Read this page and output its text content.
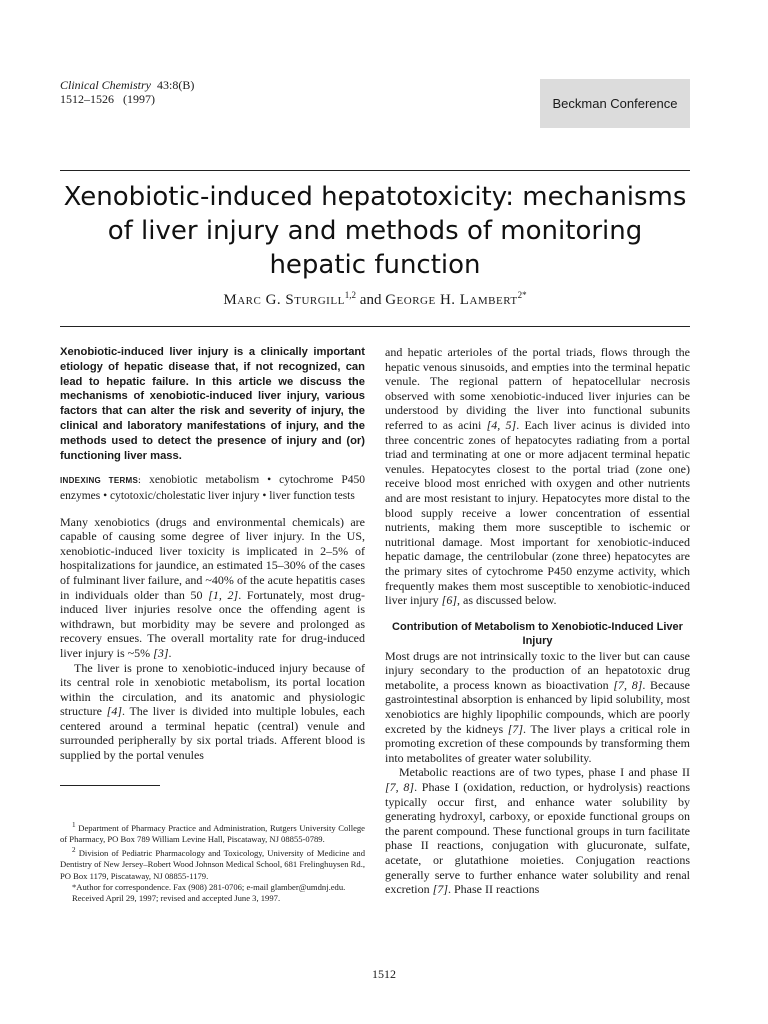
Clinical Chemistry 43:8(B)
1512–1526   (1997)	Beckman Conference
Xenobiotic-induced hepatotoxicity: mechanisms of liver injury and methods of monitoring hepatic function
Marc G. Sturgill$^{1,2}$ and George H. Lambert$^{2*}$

Xenobiotic-induced liver injury is a clinically important etiology of hepatic disease that, if not recognized, can lead to hepatic failure. In this article we discuss the mechanisms of xenobiotic-induced liver injury, various factors that can alter the risk and severity of injury, the clinical and laboratory manifestations of injury, and the methods used to detect the presence of injury and (or) functioning liver mass.

INDEXING TERMS: xenobiotic metabolism • cytochrome P450 enzymes • cytotoxic/cholestatic liver injury • liver function tests

Many xenobiotics (drugs and environmental chemicals) are capable of causing some degree of liver injury. In the US, xenobiotic-induced liver toxicity is implicated in 2–5% of hospitalizations for jaundice, an estimated 15–30% of the cases of fulminant liver failure, and ~40% of the acute hepatitis cases in individuals older than 50 [1, 2]. Fortunately, most drug-induced liver injuries resolve once the offending agent is withdrawn, but morbidity may be severe and prolonged as recovery ensues. The overall mortality rate for drug-induced liver injury is ~5% [3].

The liver is prone to xenobiotic-induced injury because of its central role in xenobiotic metabolism, its portal location within the circulation, and its anatomic and physiologic structure [4]. The liver is divided into multiple lobules, each centered around a terminal hepatic (central) venule and surrounded peripherally by six portal triads. Afferent blood is supplied by the portal venules

$^1$ Department of Pharmacy Practice and Administration, Rutgers University College of Pharmacy, PO Box 789 William Levine Hall, Piscataway, NJ 08855-0789.

$^2$ Division of Pediatric Pharmacology and Toxicology, University of Medicine and Dentistry of New Jersey–Robert Wood Johnson Medical School, 681 Frelinghuysen Rd., PO Box 1179, Piscataway, NJ 08855-1179.

*Author for correspondence. Fax (908) 281-0706; e-mail glamber@umdnj.edu.

Received April 29, 1997; revised and accepted June 3, 1997.

and hepatic arterioles of the portal triads, flows through the hepatic venous sinusoids, and empties into the terminal hepatic venule. The regional pattern of hepatocellular necrosis observed with some xenobiotic-induced liver injuries can be understood by dividing the liver into functional subunits referred to as acini [4, 5]. Each liver acinus is divided into three concentric zones of hepatocytes radiating from a portal triad and terminating at one or more adjacent terminal hepatic venules. Hepatocytes closest to the portal triad (zone one) receive blood most enriched with oxygen and other nutrients and are most resistant to injury. Hepatocytes more distal to the blood supply receive a lower concentration of essential nutrients, making them more susceptible to ischemic or nutritional damage. Most important for xenobiotic-induced hepatic damage, the centrilobular (zone three) hepatocytes are the primary sites of cytochrome P450 enzyme activity, which frequently makes them most susceptible to xenobiotic-induced liver injury [6], as discussed below.

Contribution of Metabolism to Xenobiotic-Induced Liver Injury

Most drugs are not intrinsically toxic to the liver but can cause injury secondary to the production of an hepatotoxic drug metabolite, a process known as bioactivation [7, 8]. Because gastrointestinal absorption is enhanced by lipid solubility, most xenobiotics are highly lipophilic compounds, which are poorly excreted by the kidneys [7]. The liver plays a critical role in promoting excretion of these compounds by transforming them into metabolites of greater water solubility.

Metabolic reactions are of two types, phase I and phase II [7, 8]. Phase I (oxidation, reduction, or hydrolysis) reactions typically occur first, and enhance water solubility by generating hydroxyl, carboxy, or epoxide functional groups on the parent compound. These functional groups in turn facilitate phase II reactions, conjugation with glucuronate, sulfate, acetate, or glutathione moieties. Conjugation reactions generally serve to further enhance water solubility and renal excretion [7]. Phase II reactions

1512
